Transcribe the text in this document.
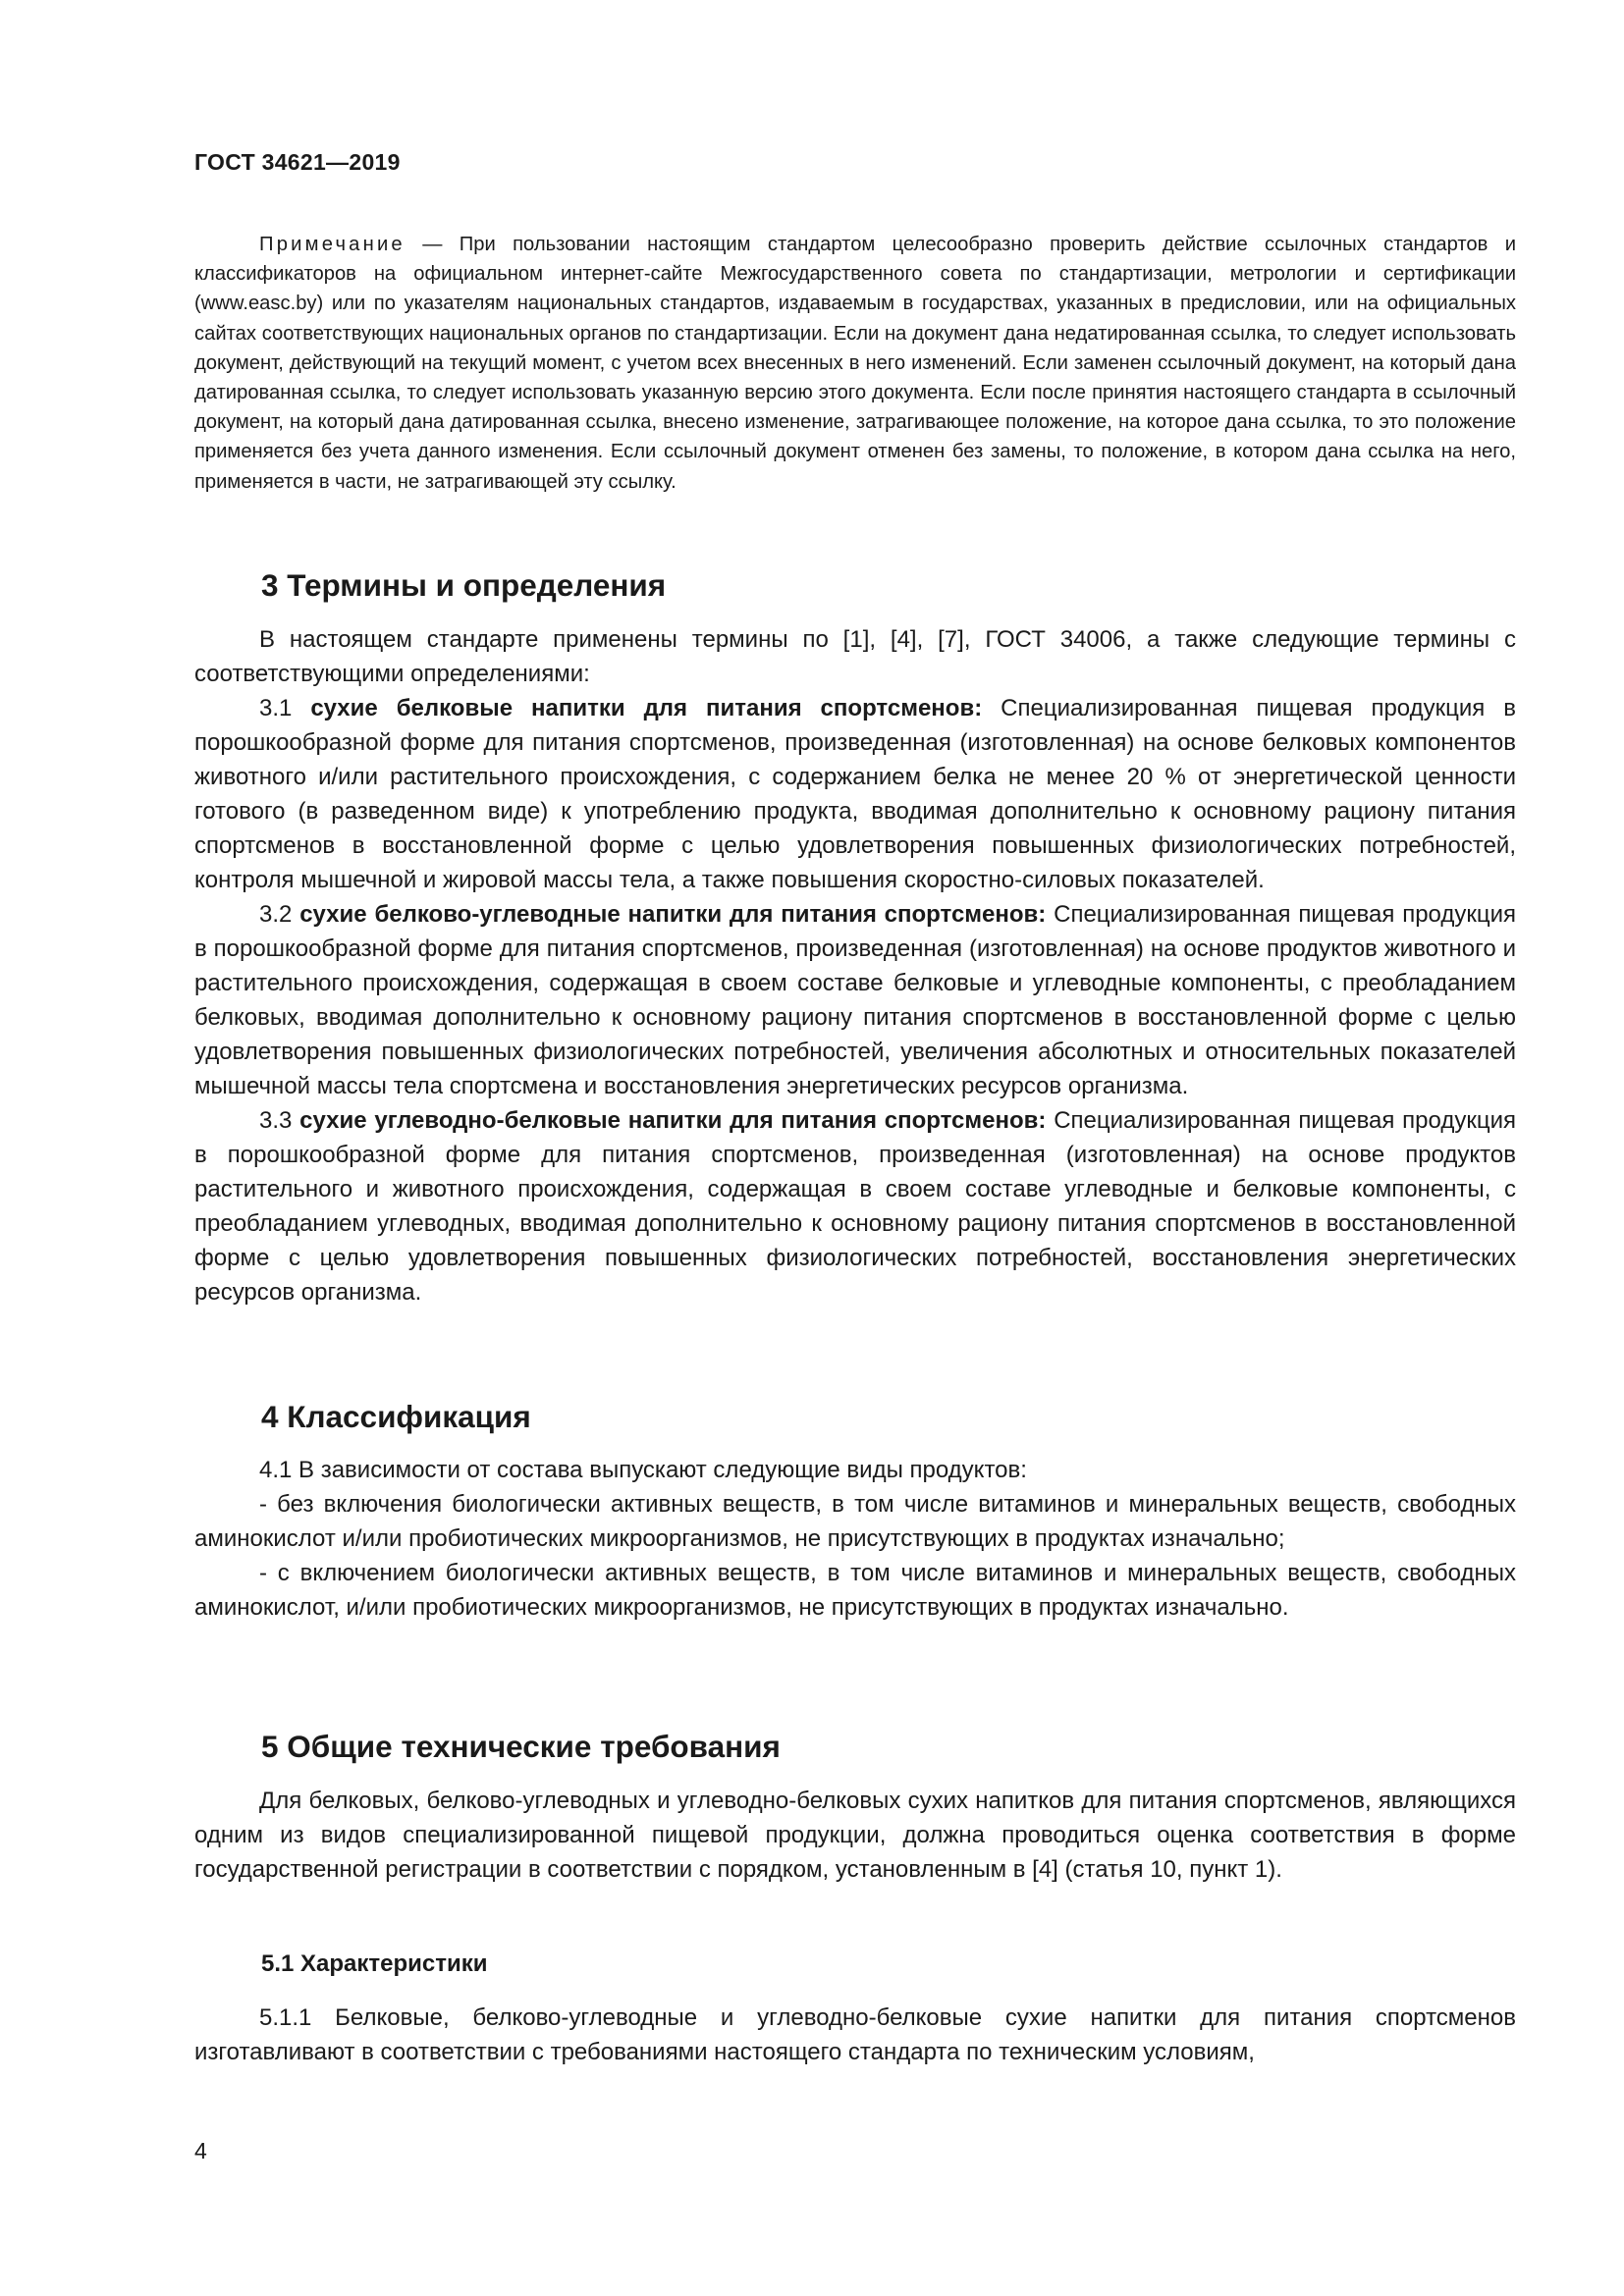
ГОСТ 34621—2019

Примечание — При пользовании настоящим стандартом целесообразно проверить действие ссылочных стандартов и классификаторов на официальном интернет-сайте Межгосударственного совета по стандартизации, метрологии и сертификации (www.easc.by) или по указателям национальных стандартов, издаваемым в государствах, указанных в предисловии, или на официальных сайтах соответствующих национальных органов по стандартизации. Если на документ дана недатированная ссылка, то следует использовать документ, действующий на текущий момент, с учетом всех внесенных в него изменений. Если заменен ссылочный документ, на который дана датированная ссылка, то следует использовать указанную версию этого документа. Если после принятия настоящего стандарта в ссылочный документ, на который дана датированная ссылка, внесено изменение, затрагивающее положение, на которое дана ссылка, то это положение применяется без учета данного изменения. Если ссылочный документ отменен без замены, то положение, в котором дана ссылка на него, применяется в части, не затрагивающей эту ссылку.

3 Термины и определения

В настоящем стандарте применены термины по [1], [4], [7], ГОСТ 34006, а также следующие термины с соответствующими определениями:

3.1 сухие белковые напитки для питания спортсменов: Специализированная пищевая продукция в порошкообразной форме для питания спортсменов, произведенная (изготовленная) на основе белковых компонентов животного и/или растительного происхождения, с содержанием белка не менее 20 % от энергетической ценности готового (в разведенном виде) к употреблению продукта, вводимая дополнительно к основному рациону питания спортсменов в восстановленной форме с целью удовлетворения повышенных физиологических потребностей, контроля мышечной и жировой массы тела, а также повышения скоростно-силовых показателей.

3.2 сухие белково-углеводные напитки для питания спортсменов: Специализированная пищевая продукция в порошкообразной форме для питания спортсменов, произведенная (изготовленная) на основе продуктов животного и растительного происхождения, содержащая в своем составе белковые и углеводные компоненты, с преобладанием белковых, вводимая дополнительно к основному рациону питания спортсменов в восстановленной форме с целью удовлетворения повышенных физиологических потребностей, увеличения абсолютных и относительных показателей мышечной массы тела спортсмена и восстановления энергетических ресурсов организма.

3.3 сухие углеводно-белковые напитки для питания спортсменов: Специализированная пищевая продукция в порошкообразной форме для питания спортсменов, произведенная (изготовленная) на основе продуктов растительного и животного происхождения, содержащая в своем составе углеводные и белковые компоненты, с преобладанием углеводных, вводимая дополнительно к основному рациону питания спортсменов в восстановленной форме с целью удовлетворения повышенных физиологических потребностей, восстановления энергетических ресурсов организма.

4 Классификация

4.1 В зависимости от состава выпускают следующие виды продуктов:

- без включения биологически активных веществ, в том числе витаминов и минеральных веществ, свободных аминокислот и/или пробиотических микроорганизмов, не присутствующих в продуктах изначально;

- с включением биологически активных веществ, в том числе витаминов и минеральных веществ, свободных аминокислот, и/или пробиотических микроорганизмов, не присутствующих в продуктах изначально.

5 Общие технические требования

Для белковых, белково-углеводных и углеводно-белковых сухих напитков для питания спортсменов, являющихся одним из видов специализированной пищевой продукции, должна проводиться оценка соответствия в форме государственной регистрации в соответствии с порядком, установленным в [4] (статья 10, пункт 1).

5.1 Характеристики

5.1.1 Белковые, белково-углеводные и углеводно-белковые сухие напитки для питания спортсменов изготавливают в соответствии с требованиями настоящего стандарта по техническим условиям,

4
